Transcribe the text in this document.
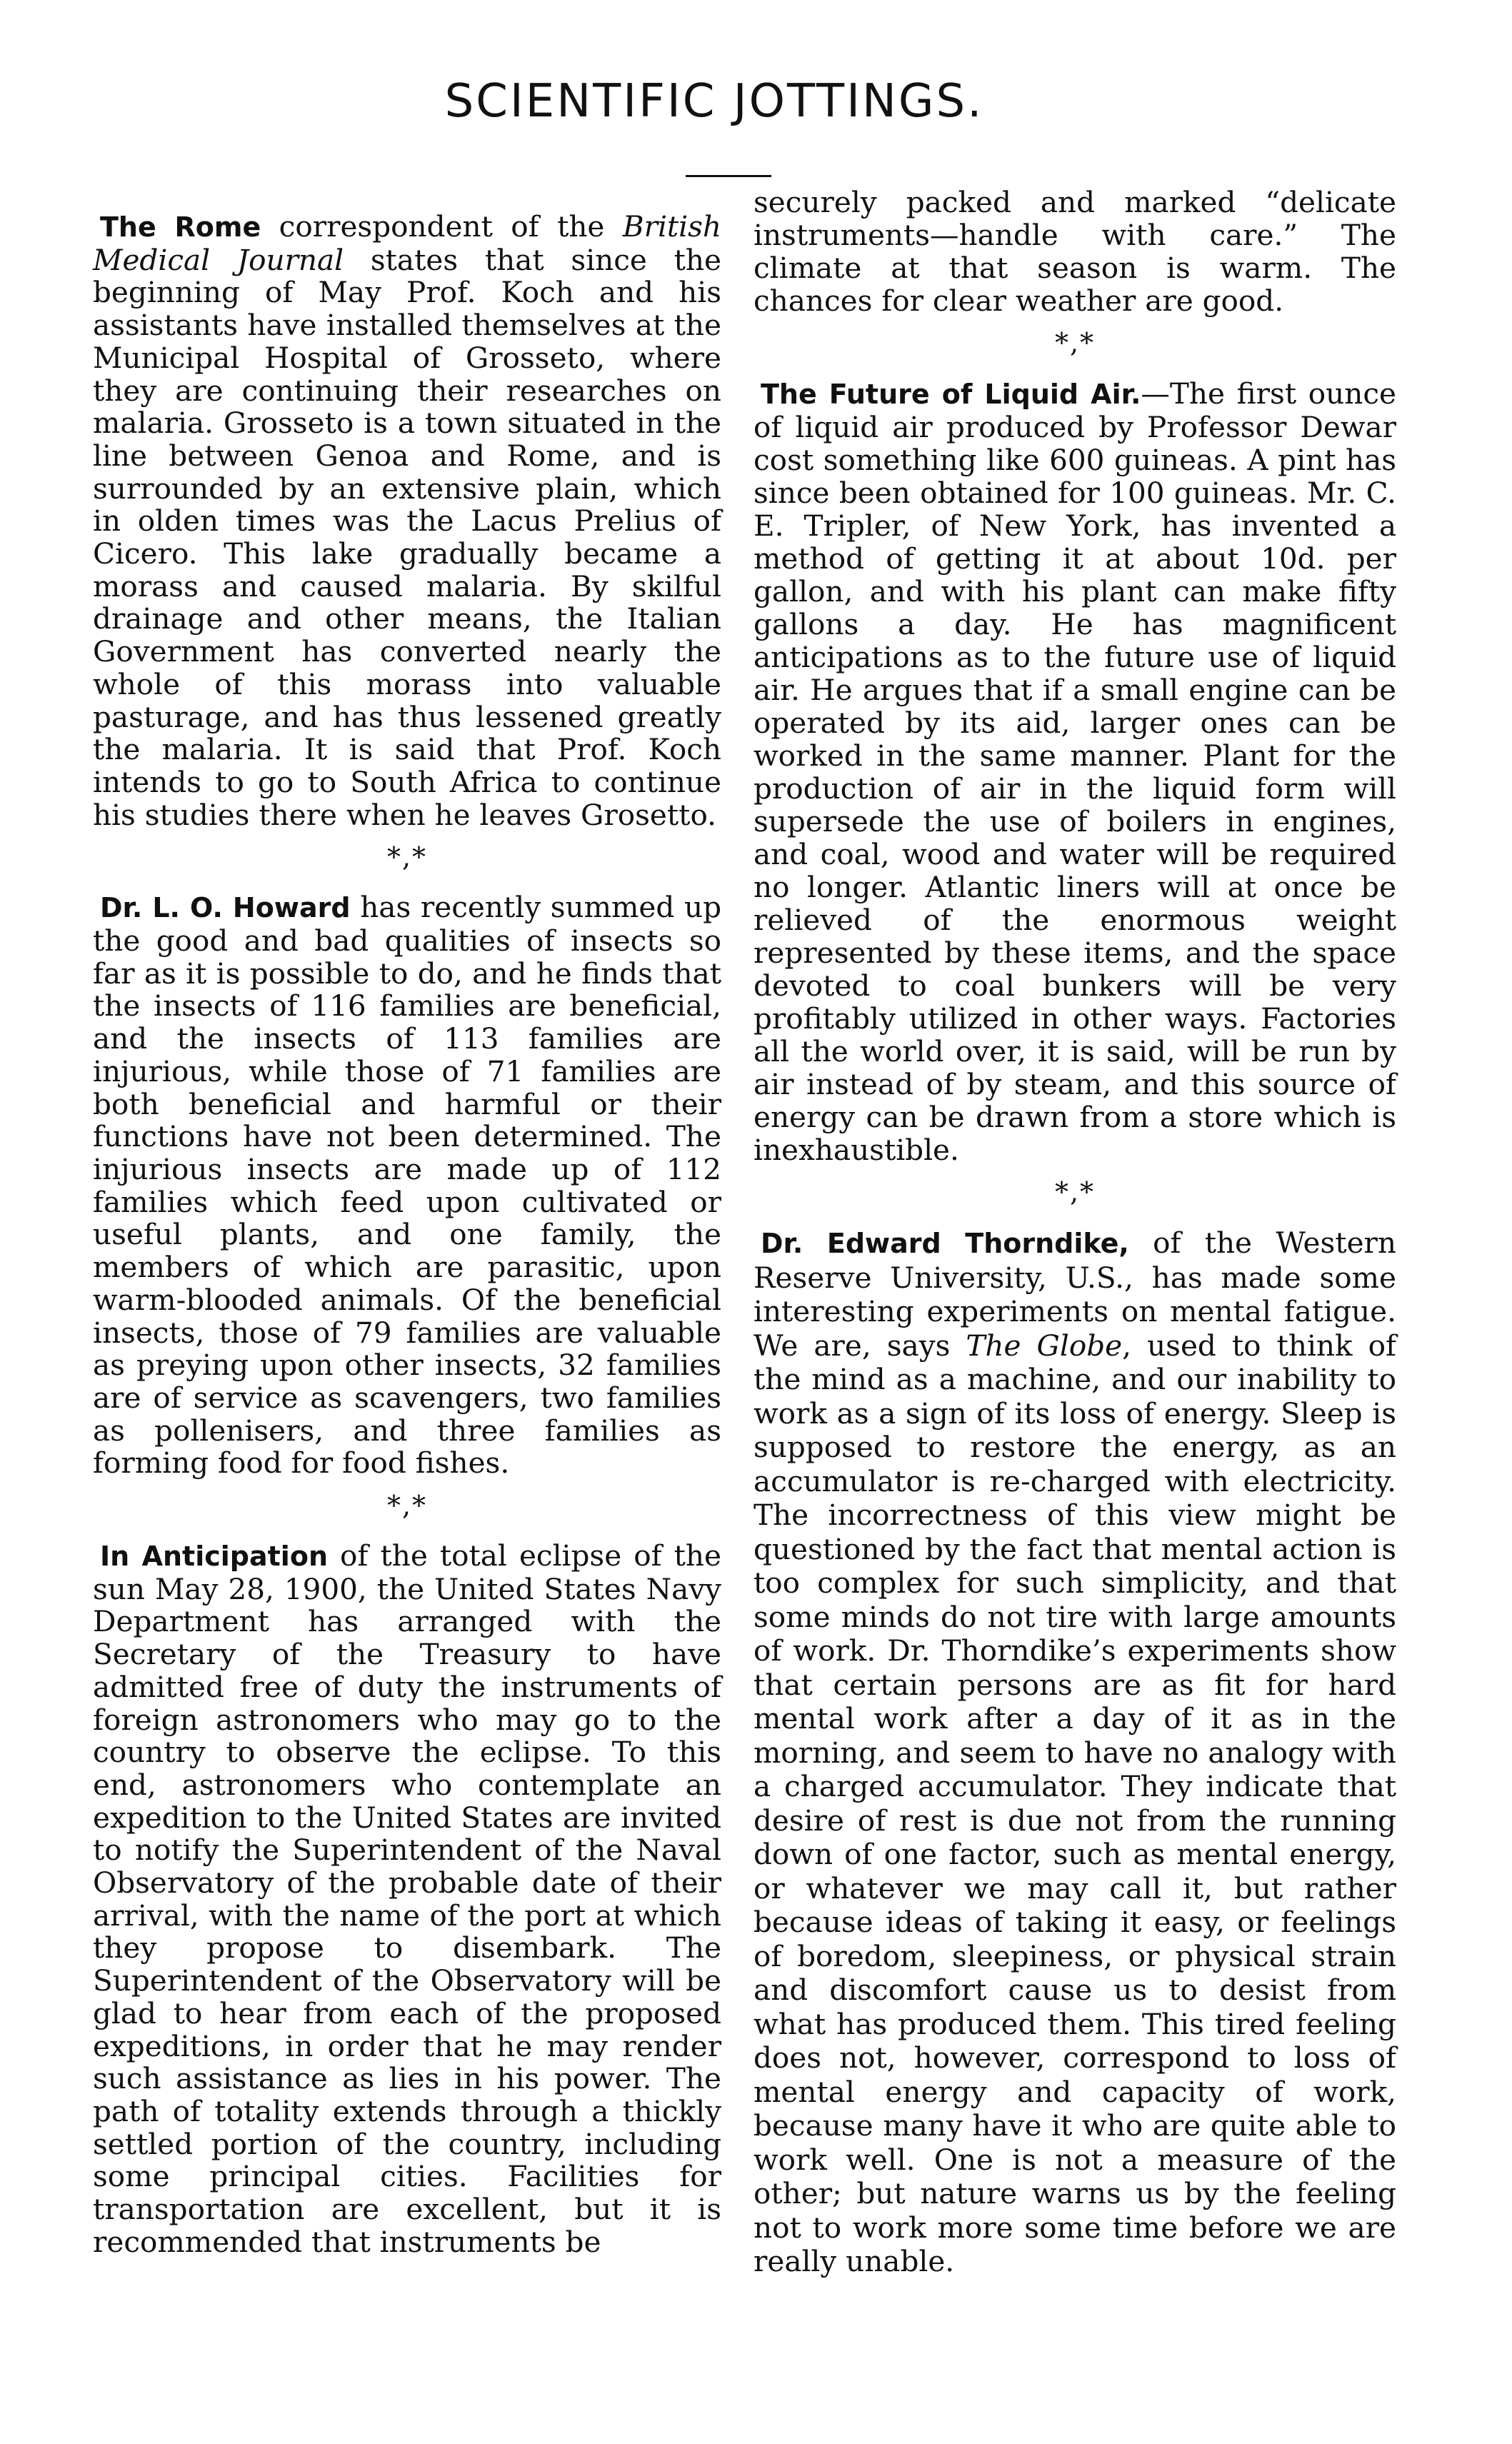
SCIENTIFIC JOTTINGS.

The Rome correspondent of the British Medical Journal states that since the beginning of May Prof. Koch and his assistants have installed themselves at the Municipal Hospital of Grosseto, where they are continuing their researches on malaria. Grosseto is a town situated in the line between Genoa and Rome, and is surrounded by an extensive plain, which in olden times was the Lacus Prelius of Cicero. This lake gradually became a morass and caused malaria. By skilful drainage and other means, the Italian Government has converted nearly the whole of this morass into valuable pasturage, and has thus lessened greatly the malaria. It is said that Prof. Koch intends to go to South Africa to continue his studies there when he leaves Grosetto.

*,*

Dr. L. O. Howard has recently summed up the good and bad qualities of insects so far as it is possible to do, and he finds that the insects of 116 families are beneficial, and the insects of 113 families are injurious, while those of 71 families are both beneficial and harmful or their functions have not been determined. The injurious insects are made up of 112 families which feed upon cultivated or useful plants, and one family, the members of which are parasitic, upon warm-blooded animals. Of the beneficial insects, those of 79 families are valuable as preying upon other insects, 32 families are of service as scavengers, two families as pollenisers, and three families as forming food for food fishes.

*,*

In Anticipation of the total eclipse of the sun May 28, 1900, the United States Navy Department has arranged with the Secretary of the Treasury to have admitted free of duty the instruments of foreign astronomers who may go to the country to observe the eclipse. To this end, astronomers who contemplate an expedition to the United States are invited to notify the Superintendent of the Naval Observatory of the probable date of their arrival, with the name of the port at which they propose to disembark. The Superintendent of the Observatory will be glad to hear from each of the proposed expeditions, in order that he may render such assistance as lies in his power. The path of totality extends through a thickly settled portion of the country, including some principal cities. Facilities for transportation are excellent, but it is recommended that instruments be

securely packed and marked “delicate instruments—handle with care.” The climate at that season is warm. The chances for clear weather are good.

*,*

The Future of Liquid Air.—The first ounce of liquid air produced by Professor Dewar cost something like 600 guineas. A pint has since been obtained for 100 guineas. Mr. C. E. Tripler, of New York, has invented a method of getting it at about 10d. per gallon, and with his plant can make fifty gallons a day. He has magnificent anticipations as to the future use of liquid air. He argues that if a small engine can be operated by its aid, larger ones can be worked in the same manner. Plant for the production of air in the liquid form will supersede the use of boilers in engines, and coal, wood and water will be required no longer. Atlantic liners will at once be relieved of the enormous weight represented by these items, and the space devoted to coal bunkers will be very profitably utilized in other ways. Factories all the world over, it is said, will be run by air instead of by steam, and this source of energy can be drawn from a store which is inexhaustible.

*,*

Dr. Edward Thorndike, of the Western Reserve University, U.S., has made some interesting experiments on mental fatigue. We are, says The Globe, used to think of the mind as a machine, and our inability to work as a sign of its loss of energy. Sleep is supposed to restore the energy, as an accumulator is re-charged with electricity. The incorrectness of this view might be questioned by the fact that mental action is too complex for such simplicity, and that some minds do not tire with large amounts of work. Dr. Thorndike’s experiments show that certain persons are as fit for hard mental work after a day of it as in the morning, and seem to have no analogy with a charged accumulator. They indicate that desire of rest is due not from the running down of one factor, such as mental energy, or whatever we may call it, but rather because ideas of taking it easy, or feelings of boredom, sleepiness, or physical strain and discomfort cause us to desist from what has produced them. This tired feeling does not, however, correspond to loss of mental energy and capacity of work, because many have it who are quite able to work well. One is not a measure of the other; but nature warns us by the feeling not to work more some time before we are really unable.
